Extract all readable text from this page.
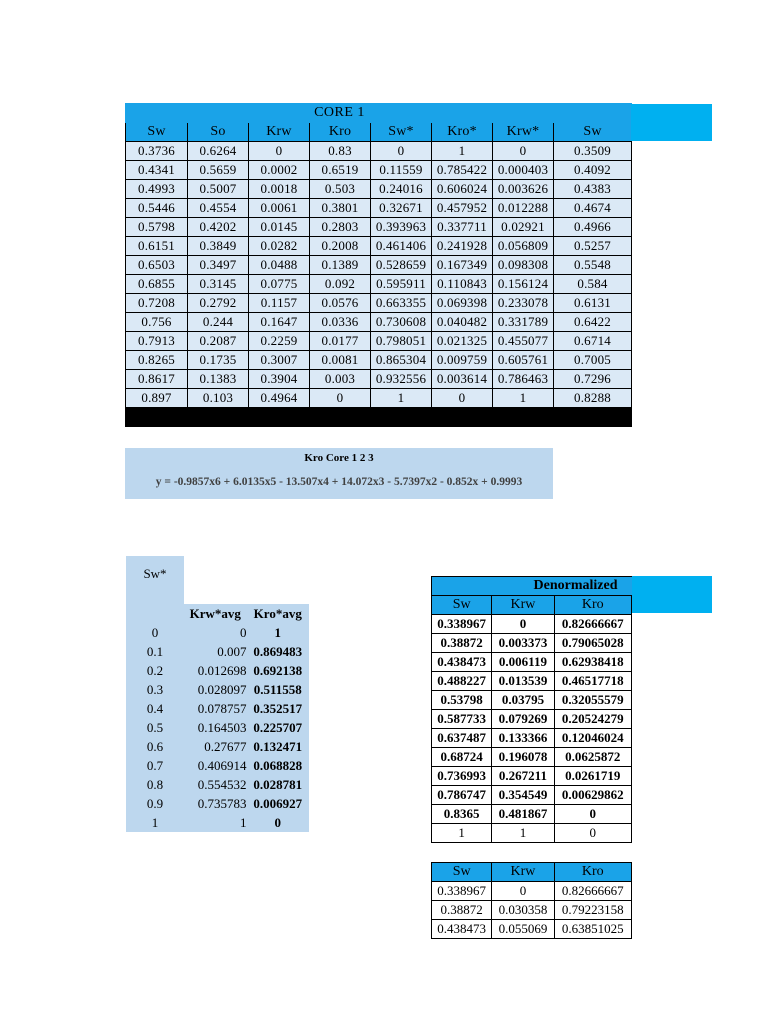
CORE 1							
Sw	So	Krw	Kro	Sw*	Kro*	Krw*	Sw
0.3736	0.6264	0	0.83	0	1	0	0.3509
0.4341	0.5659	0.0002	0.6519	0.11559	0.785422	0.000403	0.4092
0.4993	0.5007	0.0018	0.503	0.24016	0.606024	0.003626	0.4383
0.5446	0.4554	0.0061	0.3801	0.32671	0.457952	0.012288	0.4674
0.5798	0.4202	0.0145	0.2803	0.393963	0.337711	0.02921	0.4966
0.6151	0.3849	0.0282	0.2008	0.461406	0.241928	0.056809	0.5257
0.6503	0.3497	0.0488	0.1389	0.528659	0.167349	0.098308	0.5548
0.6855	0.3145	0.0775	0.092	0.595911	0.110843	0.156124	0.584
0.7208	0.2792	0.1157	0.0576	0.663355	0.069398	0.233078	0.6131
0.756	0.244	0.1647	0.0336	0.730608	0.040482	0.331789	0.6422
0.7913	0.2087	0.2259	0.0177	0.798051	0.021325	0.455077	0.6714
0.8265	0.1735	0.3007	0.0081	0.865304	0.009759	0.605761	0.7005
0.8617	0.1383	0.3904	0.003	0.932556	0.003614	0.786463	0.7296
0.897	0.103	0.4964	0	1	0	1	0.8288

Kro Core 1 2 3
y = -0.9857x6 + 6.0135x5 - 13.507x4 + 14.072x3 - 5.7397x2 - 0.852x + 0.9993
Sw*		
	Krw*avg	Kro*avg
0	0	1
0.1	0.007	0.869483
0.2	0.012698	0.692138
0.3	0.028097	0.511558
0.4	0.078757	0.352517
0.5	0.164503	0.225707
0.6	0.27677	0.132471
0.7	0.406914	0.068828
0.8	0.554532	0.028781
0.9	0.735783	0.006927
1	1	0
Denormalized		
Sw	Krw	Kro
0.338967	0	0.82666667
0.38872	0.003373	0.79065028
0.438473	0.006119	0.62938418
0.488227	0.013539	0.46517718
0.53798	0.03795	0.32055579
0.587733	0.079269	0.20524279
0.637487	0.133366	0.12046024
0.68724	0.196078	0.0625872
0.736993	0.267211	0.0261719
0.786747	0.354549	0.00629862
0.8365	0.481867	0
1	1	0
Sw	Krw	Kro
0.338967	0	0.82666667
0.38872	0.030358	0.79223158
0.438473	0.055069	0.63851025
